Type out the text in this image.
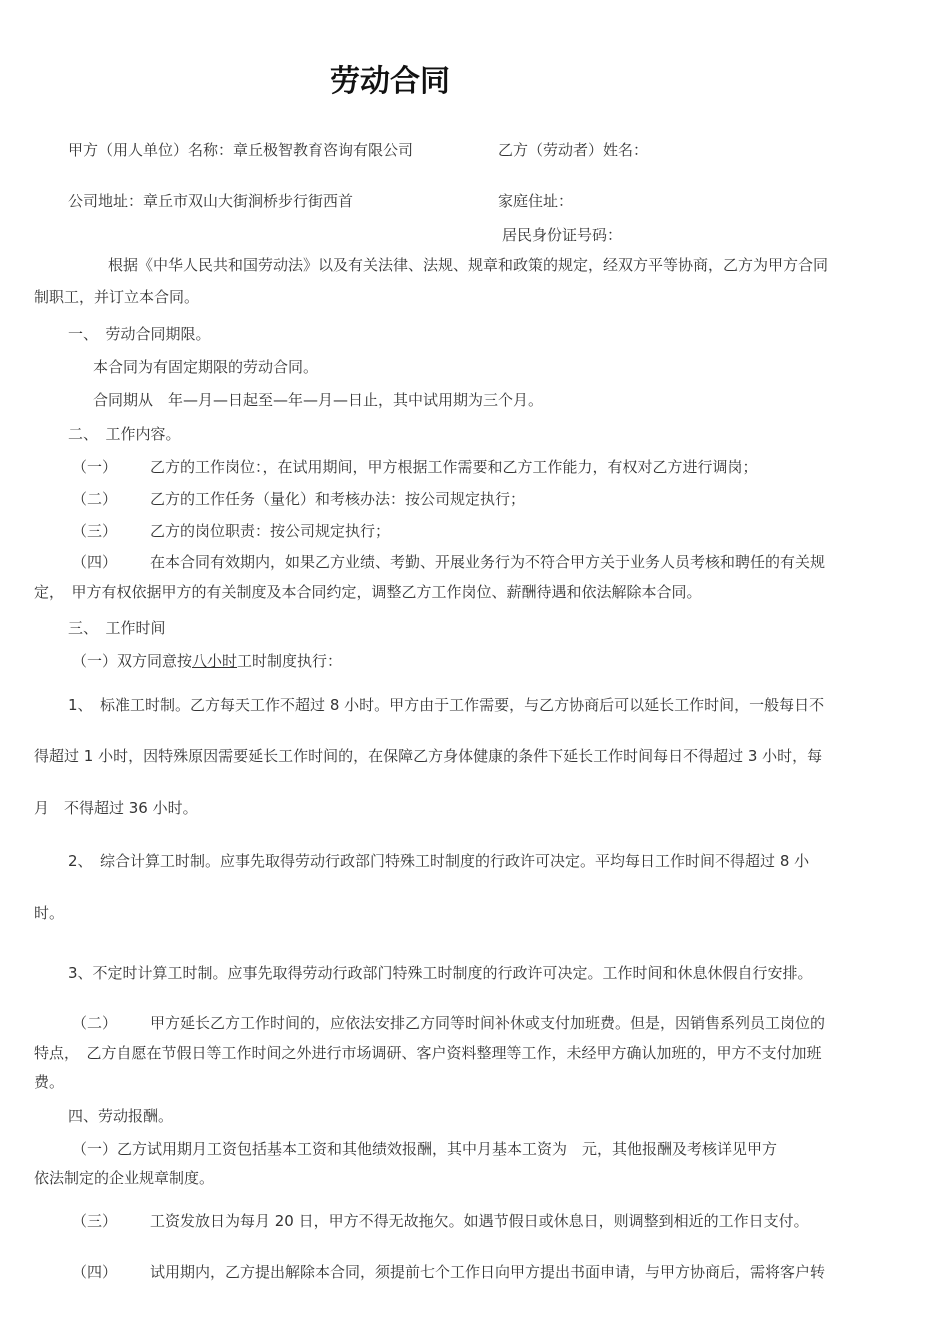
劳动合同
甲方（用人单位）名称：章丘极智教育咨询有限公司	乙方（劳动者）姓名：
公司地址：章丘市双山大街涧桥步行街西首	家庭住址：
居民身份证号码：
根据《中华人民共和国劳动法》以及有关法律、法规、规章和政策的规定，经双方平等协商，乙方为甲方合同
制职工，并订立本合同。
一、　劳动合同期限。
本合同为有固定期限的劳动合同。
合同期从　年—月—日起至—年—月—日止，其中试用期为三个月。
二、　工作内容。
（一） 乙方的工作岗位：，在试用期间，甲方根据工作需要和乙方工作能力，有权对乙方进行调岗；
（二） 乙方的工作任务（量化）和考核办法：按公司规定执行；
（三） 乙方的岗位职责：按公司规定执行；
（四） 在本合同有效期内，如果乙方业绩、考勤、开展业务行为不符合甲方关于业务人员考核和聘任的有关规
定，　甲方有权依据甲方的有关制度及本合同约定，调整乙方工作岗位、薪酬待遇和依法解除本合同。
三、　工作时间
（一）双方同意按八小时工时制度执行：
1、　标准工时制。乙方每天工作不超过 8 小时。甲方由于工作需要，与乙方协商后可以延长工作时间，一般每日不
得超过 1 小时，因特殊原因需要延长工作时间的，在保障乙方身体健康的条件下延长工作时间每日不得超过 3 小时，每
月　不得超过 36 小时。
2、　综合计算工时制。应事先取得劳动行政部门特殊工时制度的行政许可决定。平均每日工作时间不得超过 8 小
时。
3、不定时计算工时制。应事先取得劳动行政部门特殊工时制度的行政许可决定。工作时间和休息休假自行安排。
（二） 甲方延长乙方工作时间的，应依法安排乙方同等时间补休或支付加班费。但是，因销售系列员工岗位的
特点，　乙方自愿在节假日等工作时间之外进行市场调研、客户资料整理等工作，未经甲方确认加班的，甲方不支付加班
费。
四、劳动报酬。
（一）乙方试用期月工资包括基本工资和其他绩效报酬，其中月基本工资为　元，其他报酬及考核详见甲方
依法制定的企业规章制度。
（三） 工资发放日为每月 20 日，甲方不得无故拖欠。如遇节假日或休息日，则调整到相近的工作日支付。
（四） 试用期内，乙方提出解除本合同，须提前七个工作日向甲方提出书面申请，与甲方协商后，需将客户转
